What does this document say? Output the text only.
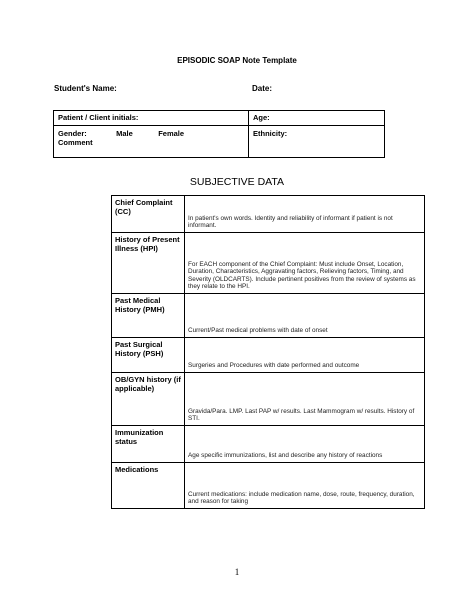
EPISODIC SOAP Note Template
Student's Name:	Date:
Patient / Client initials:	Age:
Gender:	Male	Female
Comment
Ethnicity:
SUBJECTIVE DATA
Chief Complaint (CC)	In patient's own words. Identity and reliability of informant if patient is not informant.

History of Present Illness (HPI)	For EACH component of the Chief Complaint: Must include Onset, Location, Duration, Characteristics, Aggravating factors, Relieving factors, Timing, and Severity (OLDCARTS). Include pertinent positives from the review of systems as they relate to the HPI.

Past Medical History (PMH)	Current/Past medical problems with date of onset

Past Surgical History (PSH)	Surgeries and Procedures with date performed and outcome

OB/GYN history (if applicable)	Gravida/Para. LMP. Last PAP w/ results. Last Mammogram w/ results. History of STI.

Immunization status	Age specific immunizations, list and describe any history of reactions

Medications	Current medications: include medication name, dose, route, frequency, duration, and reason for taking
1
